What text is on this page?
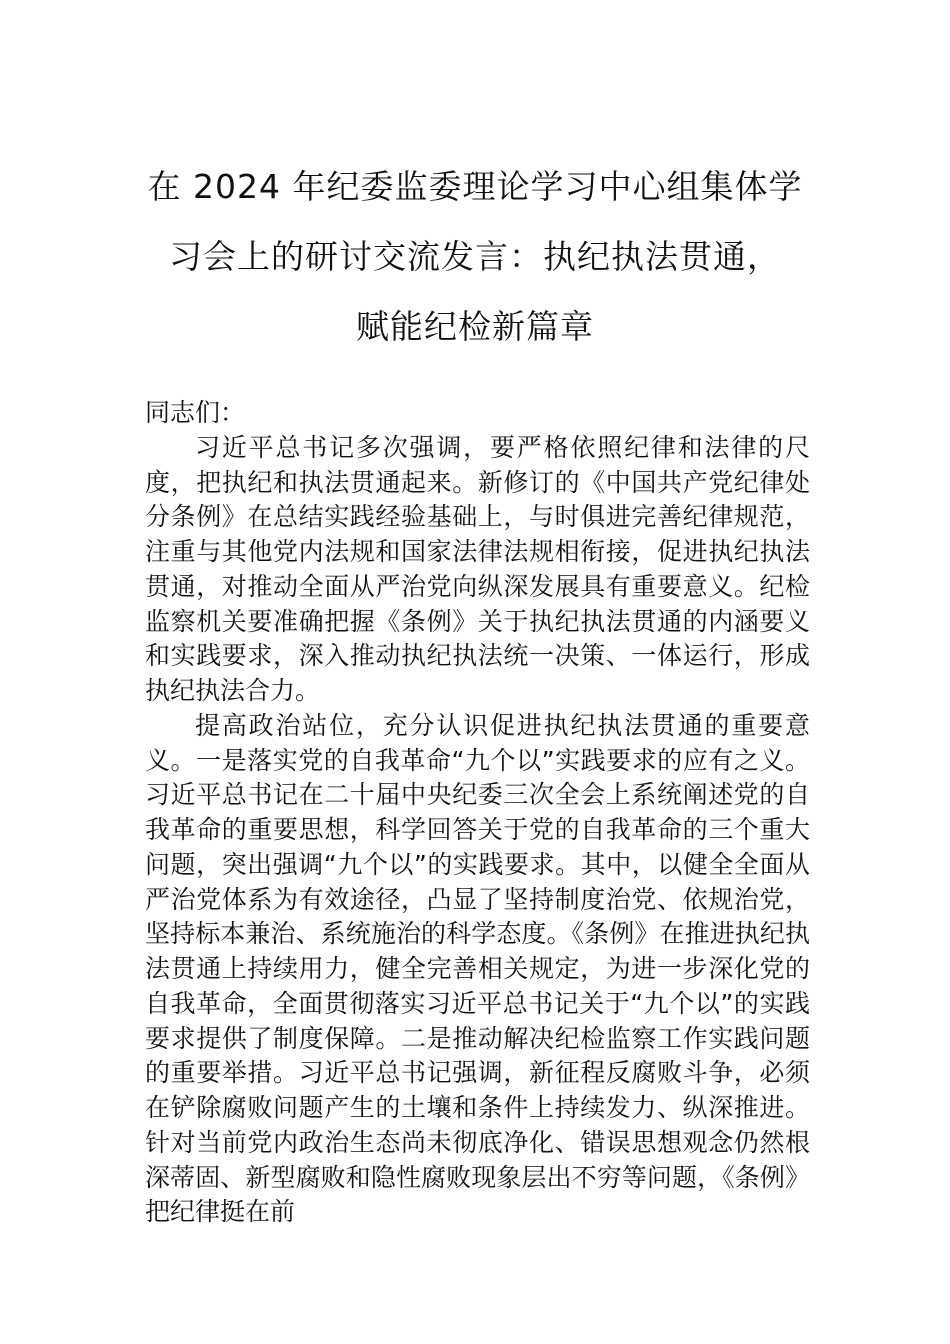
在 2024 年纪委监委理论学习中心组集体学
习会上的研讨交流发言：执纪执法贯通，
赋能纪检新篇章

同志们：

习近平总书记多次强调，要严格依照纪律和法律的尺度，把执纪和执法贯通起来。新修订的《中国共产党纪律处分条例》在总结实践经验基础上，与时俱进完善纪律规范，注重与其他党内法规和国家法律法规相衔接，促进执纪执法贯通，对推动全面从严治党向纵深发展具有重要意义。纪检监察机关要准确把握《条例》关于执纪执法贯通的内涵要义和实践要求，深入推动执纪执法统一决策、一体运行，形成执纪执法合力。

提高政治站位，充分认识促进执纪执法贯通的重要意义。一是落实党的自我革命“九个以”实践要求的应有之义。习近平总书记在二十届中央纪委三次全会上系统阐述党的自我革命的重要思想，科学回答关于党的自我革命的三个重大问题，突出强调“九个以”的实践要求。其中，以健全全面从严治党体系为有效途径，凸显了坚持制度治党、依规治党，坚持标本兼治、系统施治的科学态度。《条例》在推进执纪执法贯通上持续用力，健全完善相关规定，为进一步深化党的自我革命，全面贯彻落实习近平总书记关于“九个以”的实践要求提供了制度保障。二是推动解决纪检监察工作实践问题的重要举措。习近平总书记强调，新征程反腐败斗争，必须在铲除腐败问题产生的土壤和条件上持续发力、纵深推进。针对当前党内政治生态尚未彻底净化、错误思想观念仍然根深蒂固、新型腐败和隐性腐败现象层出不穷等问题，《条例》把纪律挺在前
